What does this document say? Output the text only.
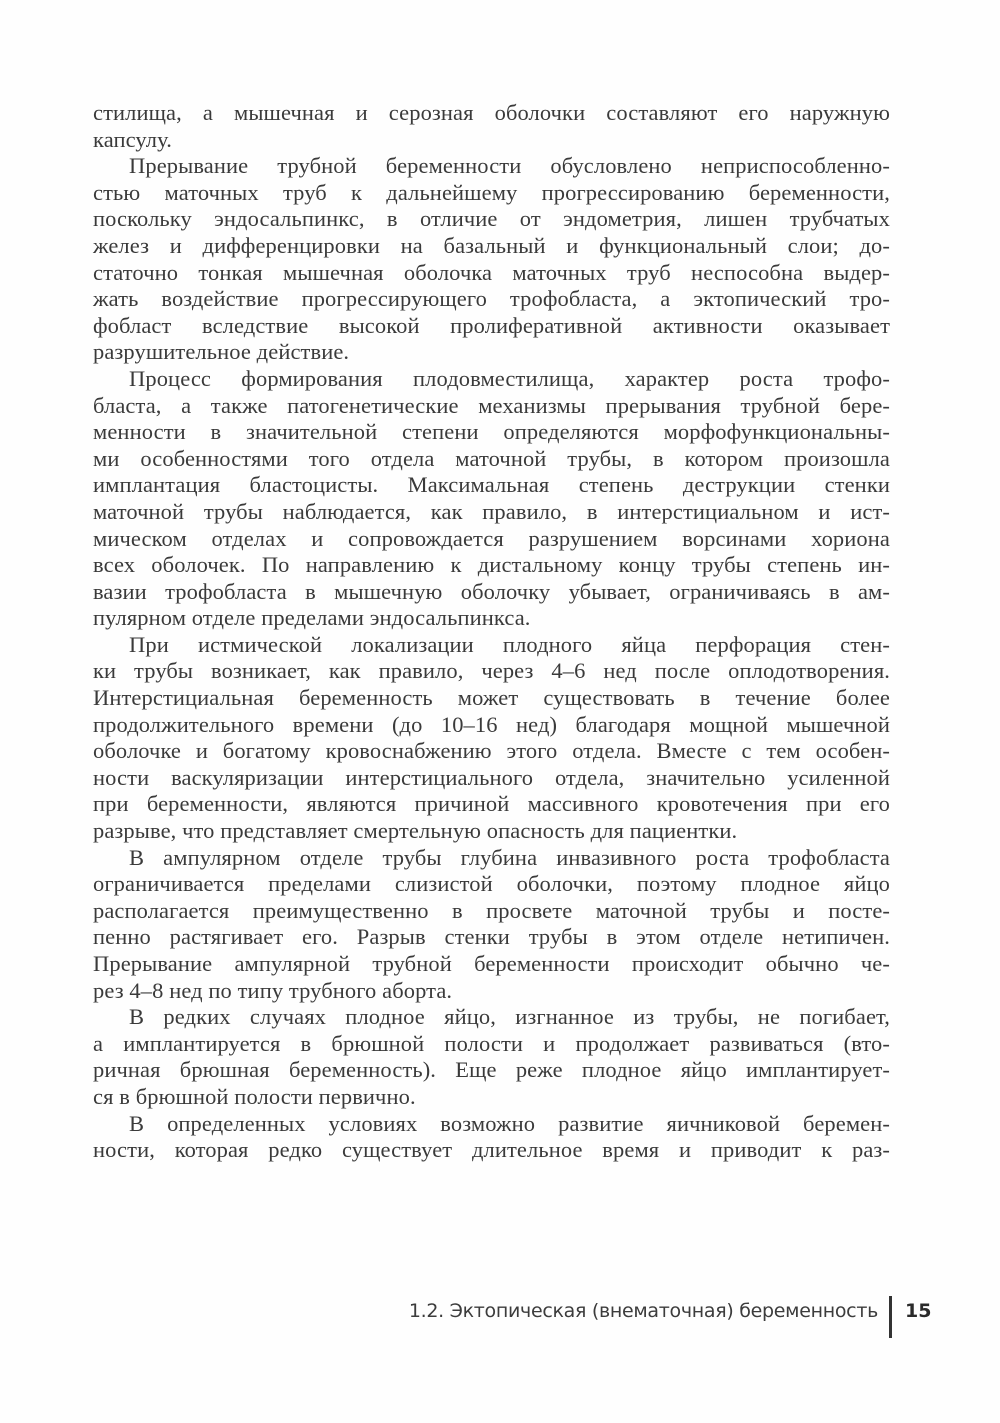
стилища, а мышечная и серозная оболочки составляют его наружную
капсулу.
Прерывание трубной беременности обусловлено неприспособленно-
стью маточных труб к дальнейшему прогрессированию беременности,
поскольку эндосальпинкс, в отличие от эндометрия, лишен трубчатых
желез и дифференцировки на базальный и функциональный слои; до-
статочно тонкая мышечная оболочка маточных труб неспособна выдер-
жать воздействие прогрессирующего трофобласта, а эктопический тро-
фобласт вследствие высокой пролиферативной активности оказывает
разрушительное действие.
Процесс формирования плодовместилища, характер роста трофо-
бласта, а также патогенетические механизмы прерывания трубной бере-
менности в значительной степени определяются морфофункциональны-
ми особенностями того отдела маточной трубы, в котором произошла
имплантация бластоцисты. Максимальная степень деструкции стенки
маточной трубы наблюдается, как правило, в интерстициальном и ист-
мическом отделах и сопровождается разрушением ворсинами хориона
всех оболочек. По направлению к дистальному концу трубы степень ин-
вазии трофобласта в мышечную оболочку убывает, ограничиваясь в ам-
пулярном отделе пределами эндосальпинкса.
При истмической локализации плодного яйца перфорация стен-
ки трубы возникает, как правило, через 4–6 нед после оплодотворения.
Интерстициальная беременность может существовать в течение более
продолжительного времени (до 10–16 нед) благодаря мощной мышечной
оболочке и богатому кровоснабжению этого отдела. Вместе с тем особен-
ности васкуляризации интерстициального отдела, значительно усиленной
при беременности, являются причиной массивного кровотечения при его
разрыве, что представляет смертельную опасность для пациентки.
В ампулярном отделе трубы глубина инвазивного роста трофобласта
ограничивается пределами слизистой оболочки, поэтому плодное яйцо
располагается преимущественно в просвете маточной трубы и посте-
пенно растягивает его. Разрыв стенки трубы в этом отделе нетипичен.
Прерывание ампулярной трубной беременности происходит обычно че-
рез 4–8 нед по типу трубного аборта.
В редких случаях плодное яйцо, изгнанное из трубы, не погибает,
а имплантируется в брюшной полости и продолжает развиваться (вто-
ричная брюшная беременность). Еще реже плодное яйцо имплантирует-
ся в брюшной полости первично.
В определенных условиях возможно развитие яичниковой беремен-
ности, которая редко существует длительное время и приводит к раз-
1.2. Эктопическая (внематочная) беременность 15
